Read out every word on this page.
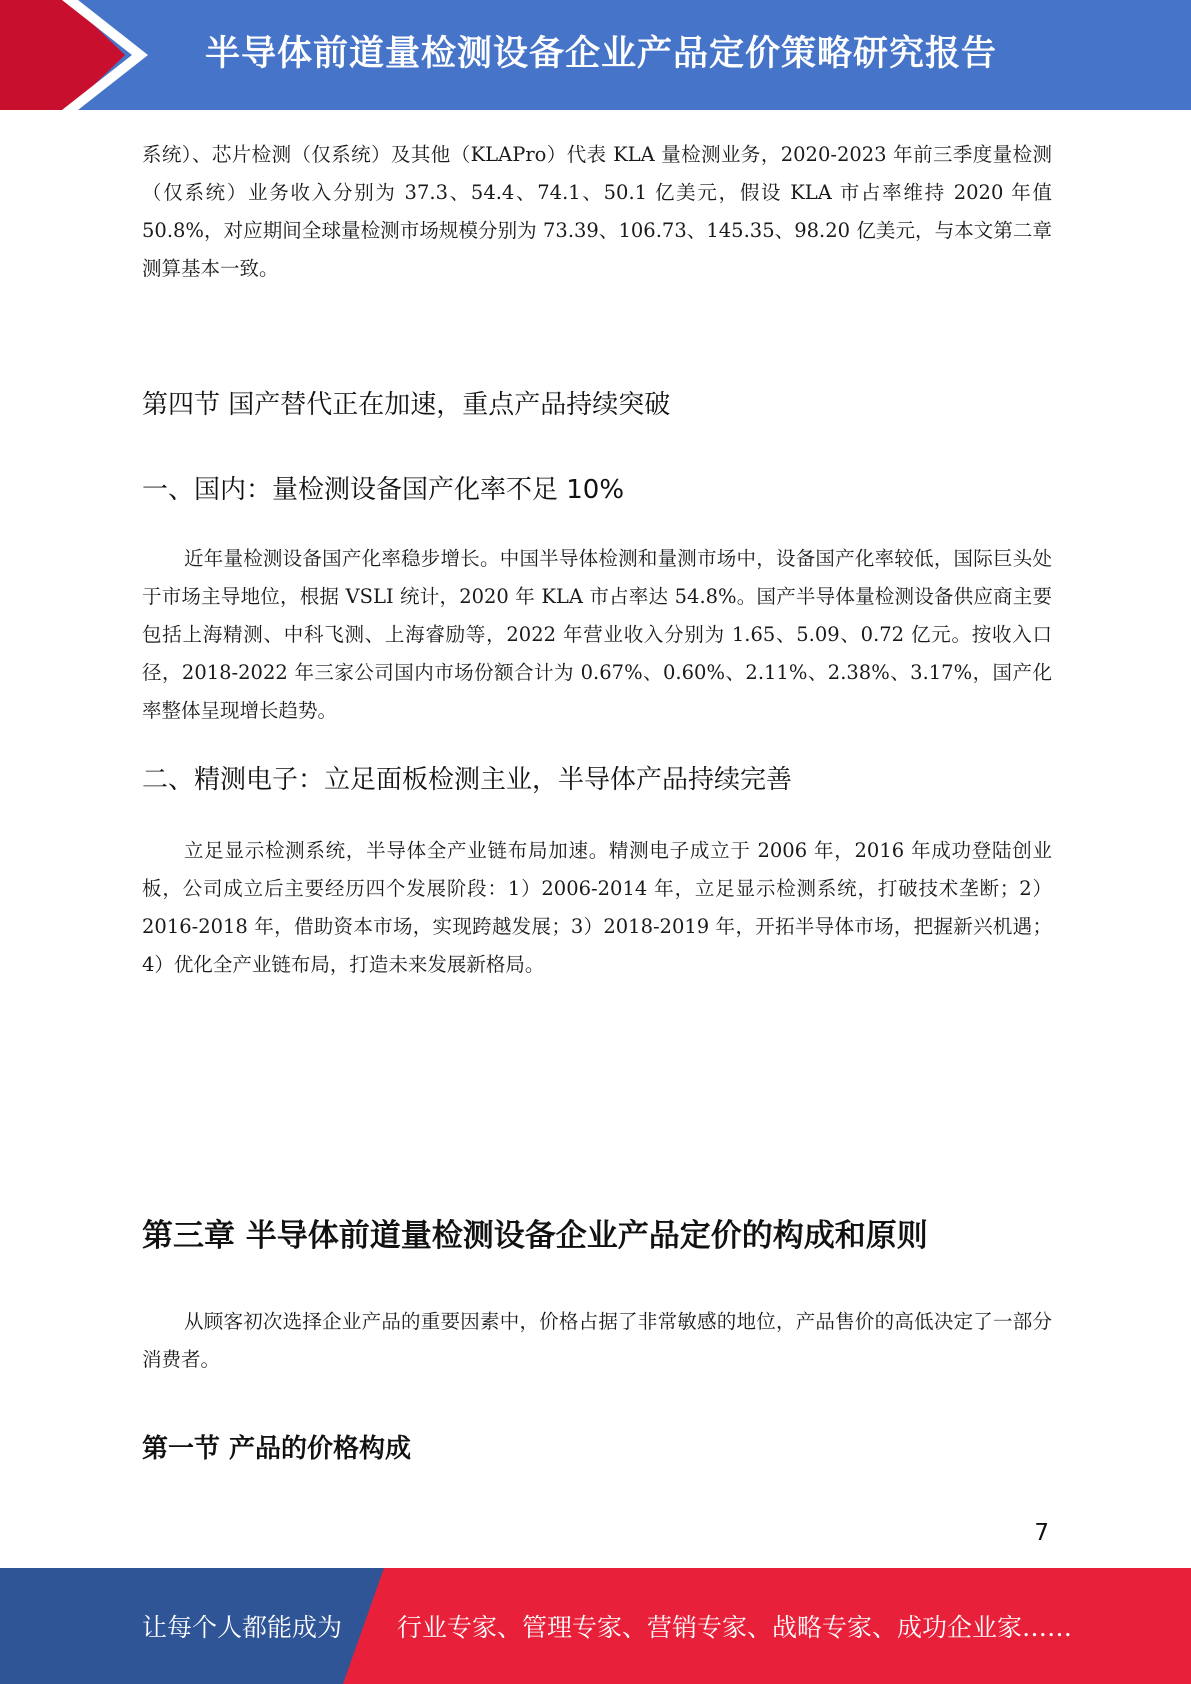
半导体前道量检测设备企业产品定价策略研究报告

系统）、芯片检测（仅系统）及其他（KLAPro）代表 KLA 量检测业务，2020-2023 年前三季度量检测（仅系统）业务收入分别为 37.3、54.4、74.1、50.1 亿美元，假设 KLA 市占率维持 2020 年值50.8%，对应期间全球量检测市场规模分别为 73.39、106.73、145.35、98.20 亿美元，与本文第二章测算基本一致。

第四节 国产替代正在加速，重点产品持续突破
一、国内：量检测设备国产化率不足 10%

近年量检测设备国产化率稳步增长。中国半导体检测和量测市场中，设备国产化率较低，国际巨头处于市场主导地位，根据 VSLI 统计，2020 年 KLA 市占率达 54.8%。国产半导体量检测设备供应商主要包括上海精测、中科飞测、上海睿励等，2022 年营业收入分别为 1.65、5.09、0.72 亿元。按收入口径，2018-2022 年三家公司国内市场份额合计为 0.67%、0.60%、2.11%、2.38%、3.17%，国产化率整体呈现增长趋势。

二、精测电子：立足面板检测主业，半导体产品持续完善

立足显示检测系统，半导体全产业链布局加速。精测电子成立于 2006 年，2016 年成功登陆创业板，公司成立后主要经历四个发展阶段：1）2006-2014 年，立足显示检测系统，打破技术垄断；2）2016-2018 年，借助资本市场，实现跨越发展；3）2018-2019 年，开拓半导体市场，把握新兴机遇；4）优化全产业链布局，打造未来发展新格局。

第三章 半导体前道量检测设备企业产品定价的构成和原则

从顾客初次选择企业产品的重要因素中，价格占据了非常敏感的地位，产品售价的高低决定了一部分消费者。

第一节 产品的价格构成
7
让每个人都能成为 行业专家、管理专家、营销专家、战略专家、成功企业家……
